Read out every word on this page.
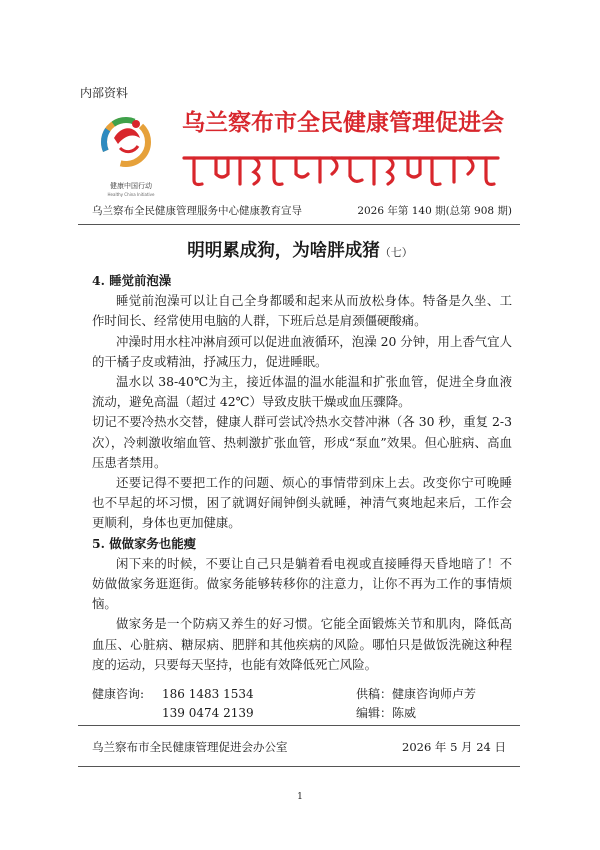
内部资料
健康中国行动
Healthy China Initiative
乌兰察布市全民健康管理促进会
乌兰察布全民健康管理服务中心健康教育宣导	2026 年第 140 期(总第 908 期)
明明累成狗，为啥胖成猪（七）

4. 睡觉前泡澡

睡觉前泡澡可以让自己全身都暖和起来从而放松身体。特备是久坐、工作时间长、经常使用电脑的人群，下班后总是肩颈僵硬酸痛。

冲澡时用水柱冲淋肩颈可以促进血液循环，泡澡 20 分钟，用上香气宜人的干橘子皮或精油，抒减压力，促进睡眠。

温水以 38-40℃为主，接近体温的温水能温和扩张血管，促进全身血液流动，避免高温（超过 42℃）导致皮肤干燥或血压骤降。

切记不要冷热水交替，健康人群可尝试冷热水交替冲淋（各 30 秒，重复 2-3 次），冷刺激收缩血管、热刺激扩张血管，形成“泵血”效果。但心脏病、高血压患者禁用。

还要记得不要把工作的问题、烦心的事情带到床上去。改变你宁可晚睡也不早起的坏习惯，困了就调好闹钟倒头就睡，神清气爽地起来后，工作会更顺利，身体也更加健康。

5. 做做家务也能瘦

闲下来的时候，不要让自己只是躺着看电视或直接睡得天昏地暗了！不妨做做家务逛逛街。做家务能够转移你的注意力，让你不再为工作的事情烦恼。

做家务是一个防病又养生的好习惯。它能全面锻炼关节和肌肉，降低高血压、心脏病、糖尿病、肥胖和其他疾病的风险。哪怕只是做饭洗碗这种程度的运动，只要每天坚持，也能有效降低死亡风险。

健康咨询:	186 1483 1534	供稿：健康咨询师卢芳
139 0474 2139	编辑：陈威
乌兰察布市全民健康管理促进会办公室	2026 年 5 月 24 日
1
